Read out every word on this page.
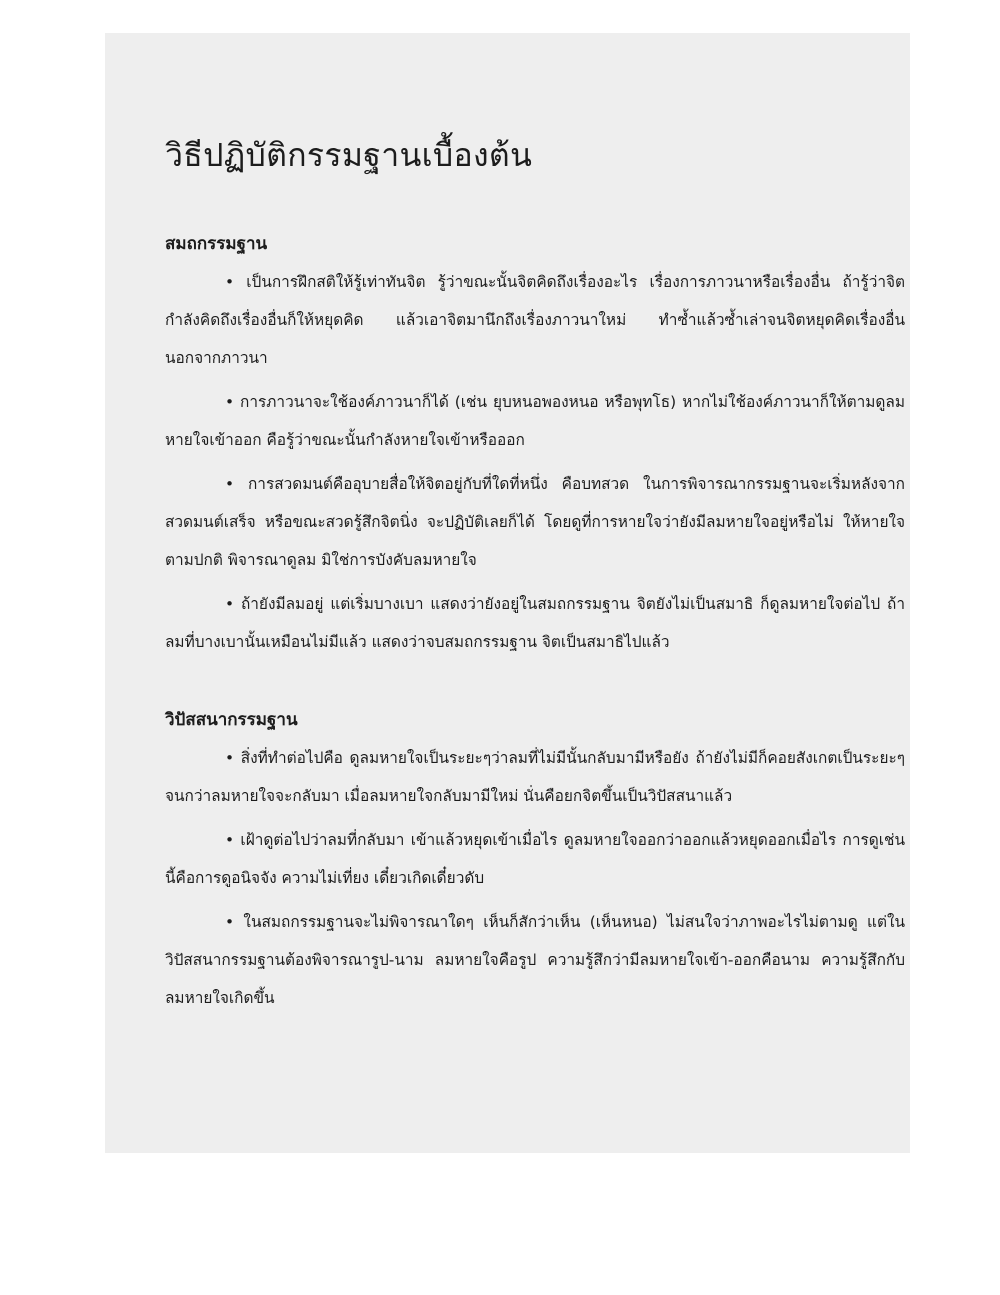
วิธีปฏิบัติกรรมฐานเบื้องต้น
สมถกรรมฐาน

• เป็นการฝึกสติให้รู้เท่าทันจิต รู้ว่าขณะนั้นจิตคิดถึงเรื่องอะไร เรื่องการภาวนาหรือเรื่องอื่น ถ้ารู้ว่าจิตกำลังคิดถึงเรื่องอื่นก็ให้หยุดคิด แล้วเอาจิตมานึกถึงเรื่องภาวนาใหม่ ทำซ้ำแล้วซ้ำเล่าจนจิตหยุดคิดเรื่องอื่นนอกจากภาวนา

• การภาวนาจะใช้องค์ภาวนาก็ได้ (เช่น ยุบหนอพองหนอ หรือพุทโธ) หากไม่ใช้องค์ภาวนาก็ให้ตามดูลมหายใจเข้าออก คือรู้ว่าขณะนั้นกำลังหายใจเข้าหรือออก

• การสวดมนต์คืออุบายสื่อให้จิตอยู่กับที่ใดที่หนึ่ง คือบทสวด ในการพิจารณากรรมฐานจะเริ่มหลังจากสวดมนต์เสร็จ หรือขณะสวดรู้สึกจิตนิ่ง จะปฏิบัติเลยก็ได้ โดยดูที่การหายใจว่ายังมีลมหายใจอยู่หรือไม่ ให้หายใจตามปกติ พิจารณาดูลม มิใช่การบังคับลมหายใจ

• ถ้ายังมีลมอยู่ แต่เริ่มบางเบา แสดงว่ายังอยู่ในสมถกรรมฐาน จิตยังไม่เป็นสมาธิ ก็ดูลมหายใจต่อไป ถ้าลมที่บางเบานั้นเหมือนไม่มีแล้ว แสดงว่าจบสมถกรรมฐาน จิตเป็นสมาธิไปแล้ว

วิปัสสนากรรมฐาน

• สิ่งที่ทำต่อไปคือ ดูลมหายใจเป็นระยะๆว่าลมที่ไม่มีนั้นกลับมามีหรือยัง ถ้ายังไม่มีก็คอยสังเกตเป็นระยะๆจนกว่าลมหายใจจะกลับมา เมื่อลมหายใจกลับมามีใหม่ นั่นคือยกจิตขึ้นเป็นวิปัสสนาแล้ว

• เฝ้าดูต่อไปว่าลมที่กลับมา เข้าแล้วหยุดเข้าเมื่อไร ดูลมหายใจออกว่าออกแล้วหยุดออกเมื่อไร การดูเช่นนี้คือการดูอนิจจัง ความไม่เที่ยง เดี๋ยวเกิดเดี๋ยวดับ

• ในสมถกรรมฐานจะไม่พิจารณาใดๆ เห็นก็สักว่าเห็น (เห็นหนอ) ไม่สนใจว่าภาพอะไรไม่ตามดู แต่ในวิปัสสนากรรมฐานต้องพิจารณารูป-นาม ลมหายใจคือรูป ความรู้สึกว่ามีลมหายใจเข้า-ออกคือนาม ความรู้สึกกับลมหายใจเกิดขึ้น
